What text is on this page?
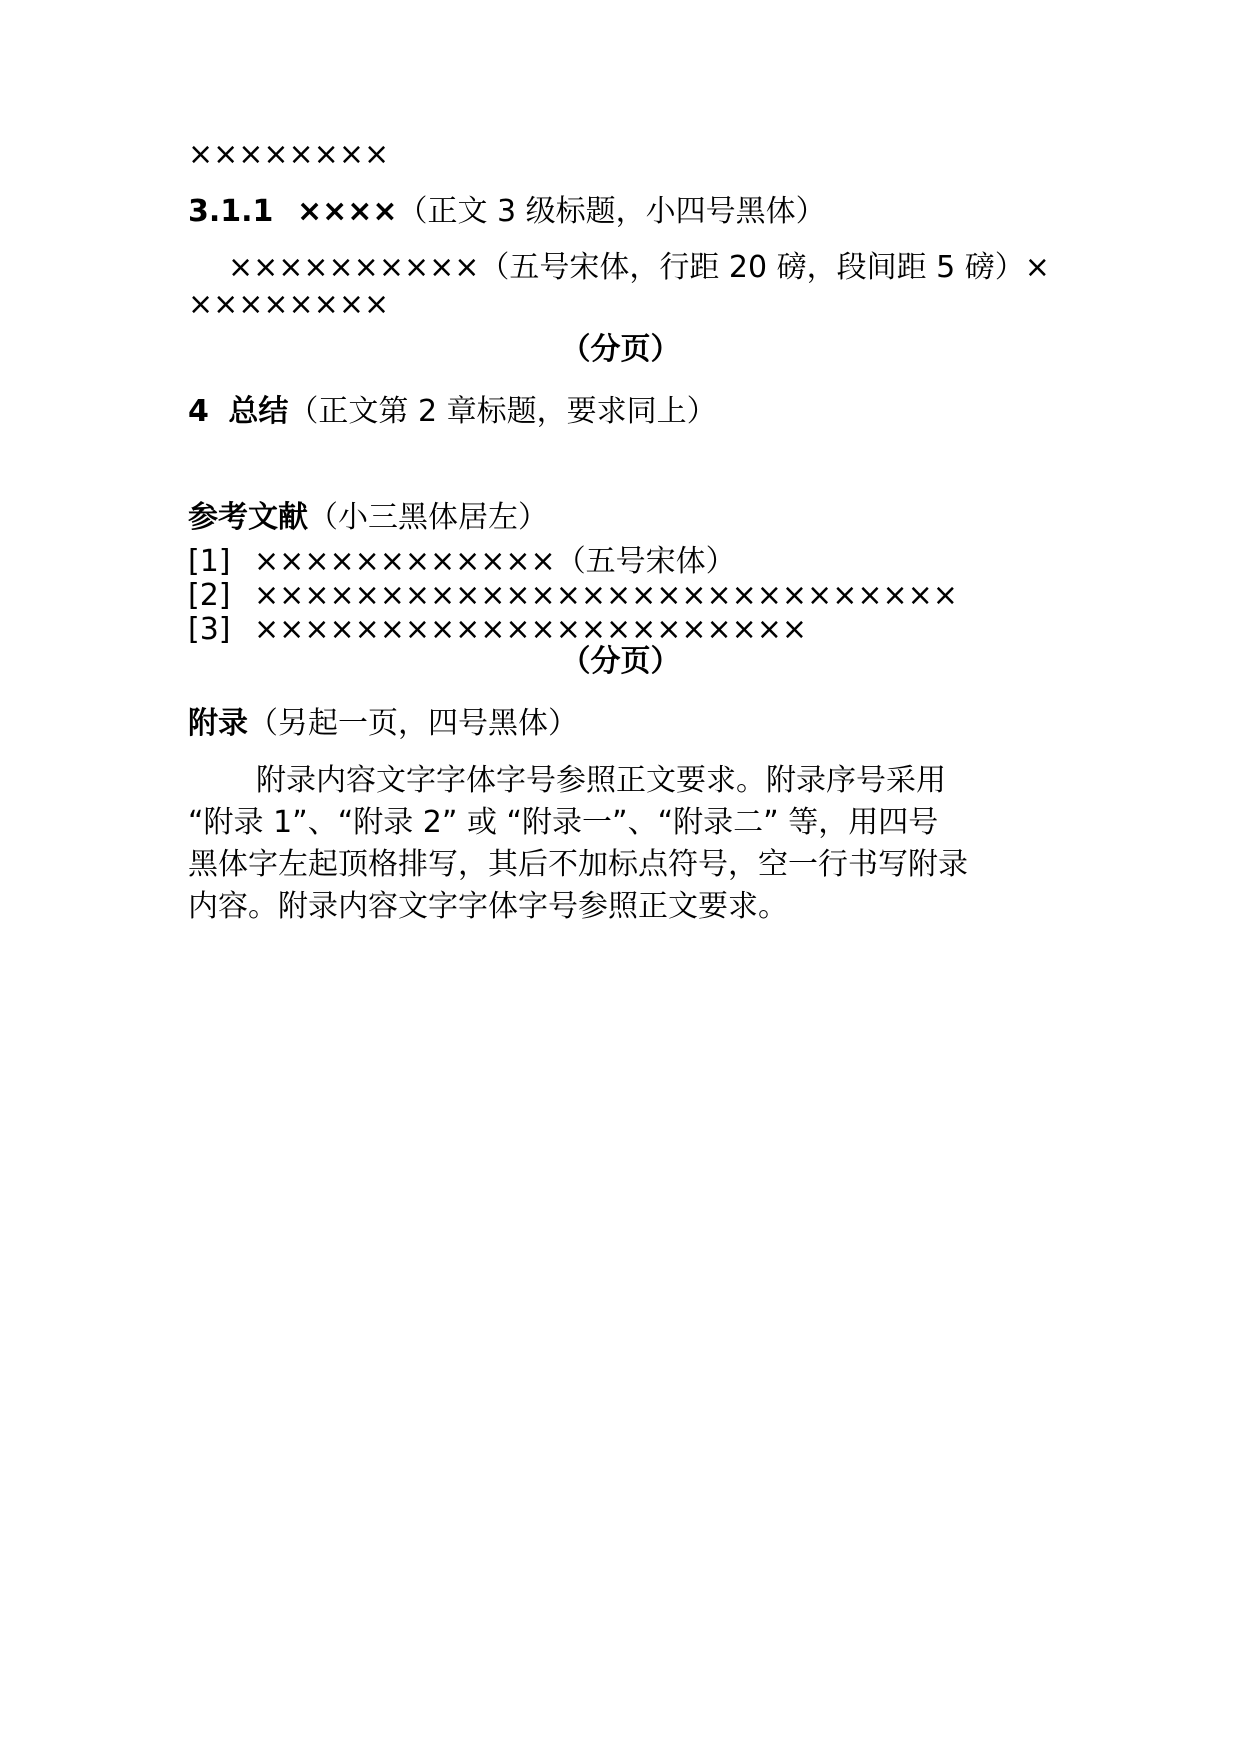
××××××××
3.1.1 ××××（正文 3 级标题，小四号黑体）
××××××××××（五号宋体，行距 20 磅，段间距 5 磅）×
××××××××
（分页）
4 总结（正文第 2 章标题，要求同上）
参考文献（小三黑体居左）
[1] ××××××××××××（五号宋体）
[2] ××××××××××××××××××××××××××××
[3] ××××××××××××××××××××××
（分页）
附录（另起一页，四号黑体）

附录内容文字字体字号参照正文要求。附录序号采用

“附录 1”、“附录 2” 或 “附录一”、“附录二” 等，用四号

黑体字左起顶格排写，其后不加标点符号，空一行书写附录

内容。附录内容文字字体字号参照正文要求。
